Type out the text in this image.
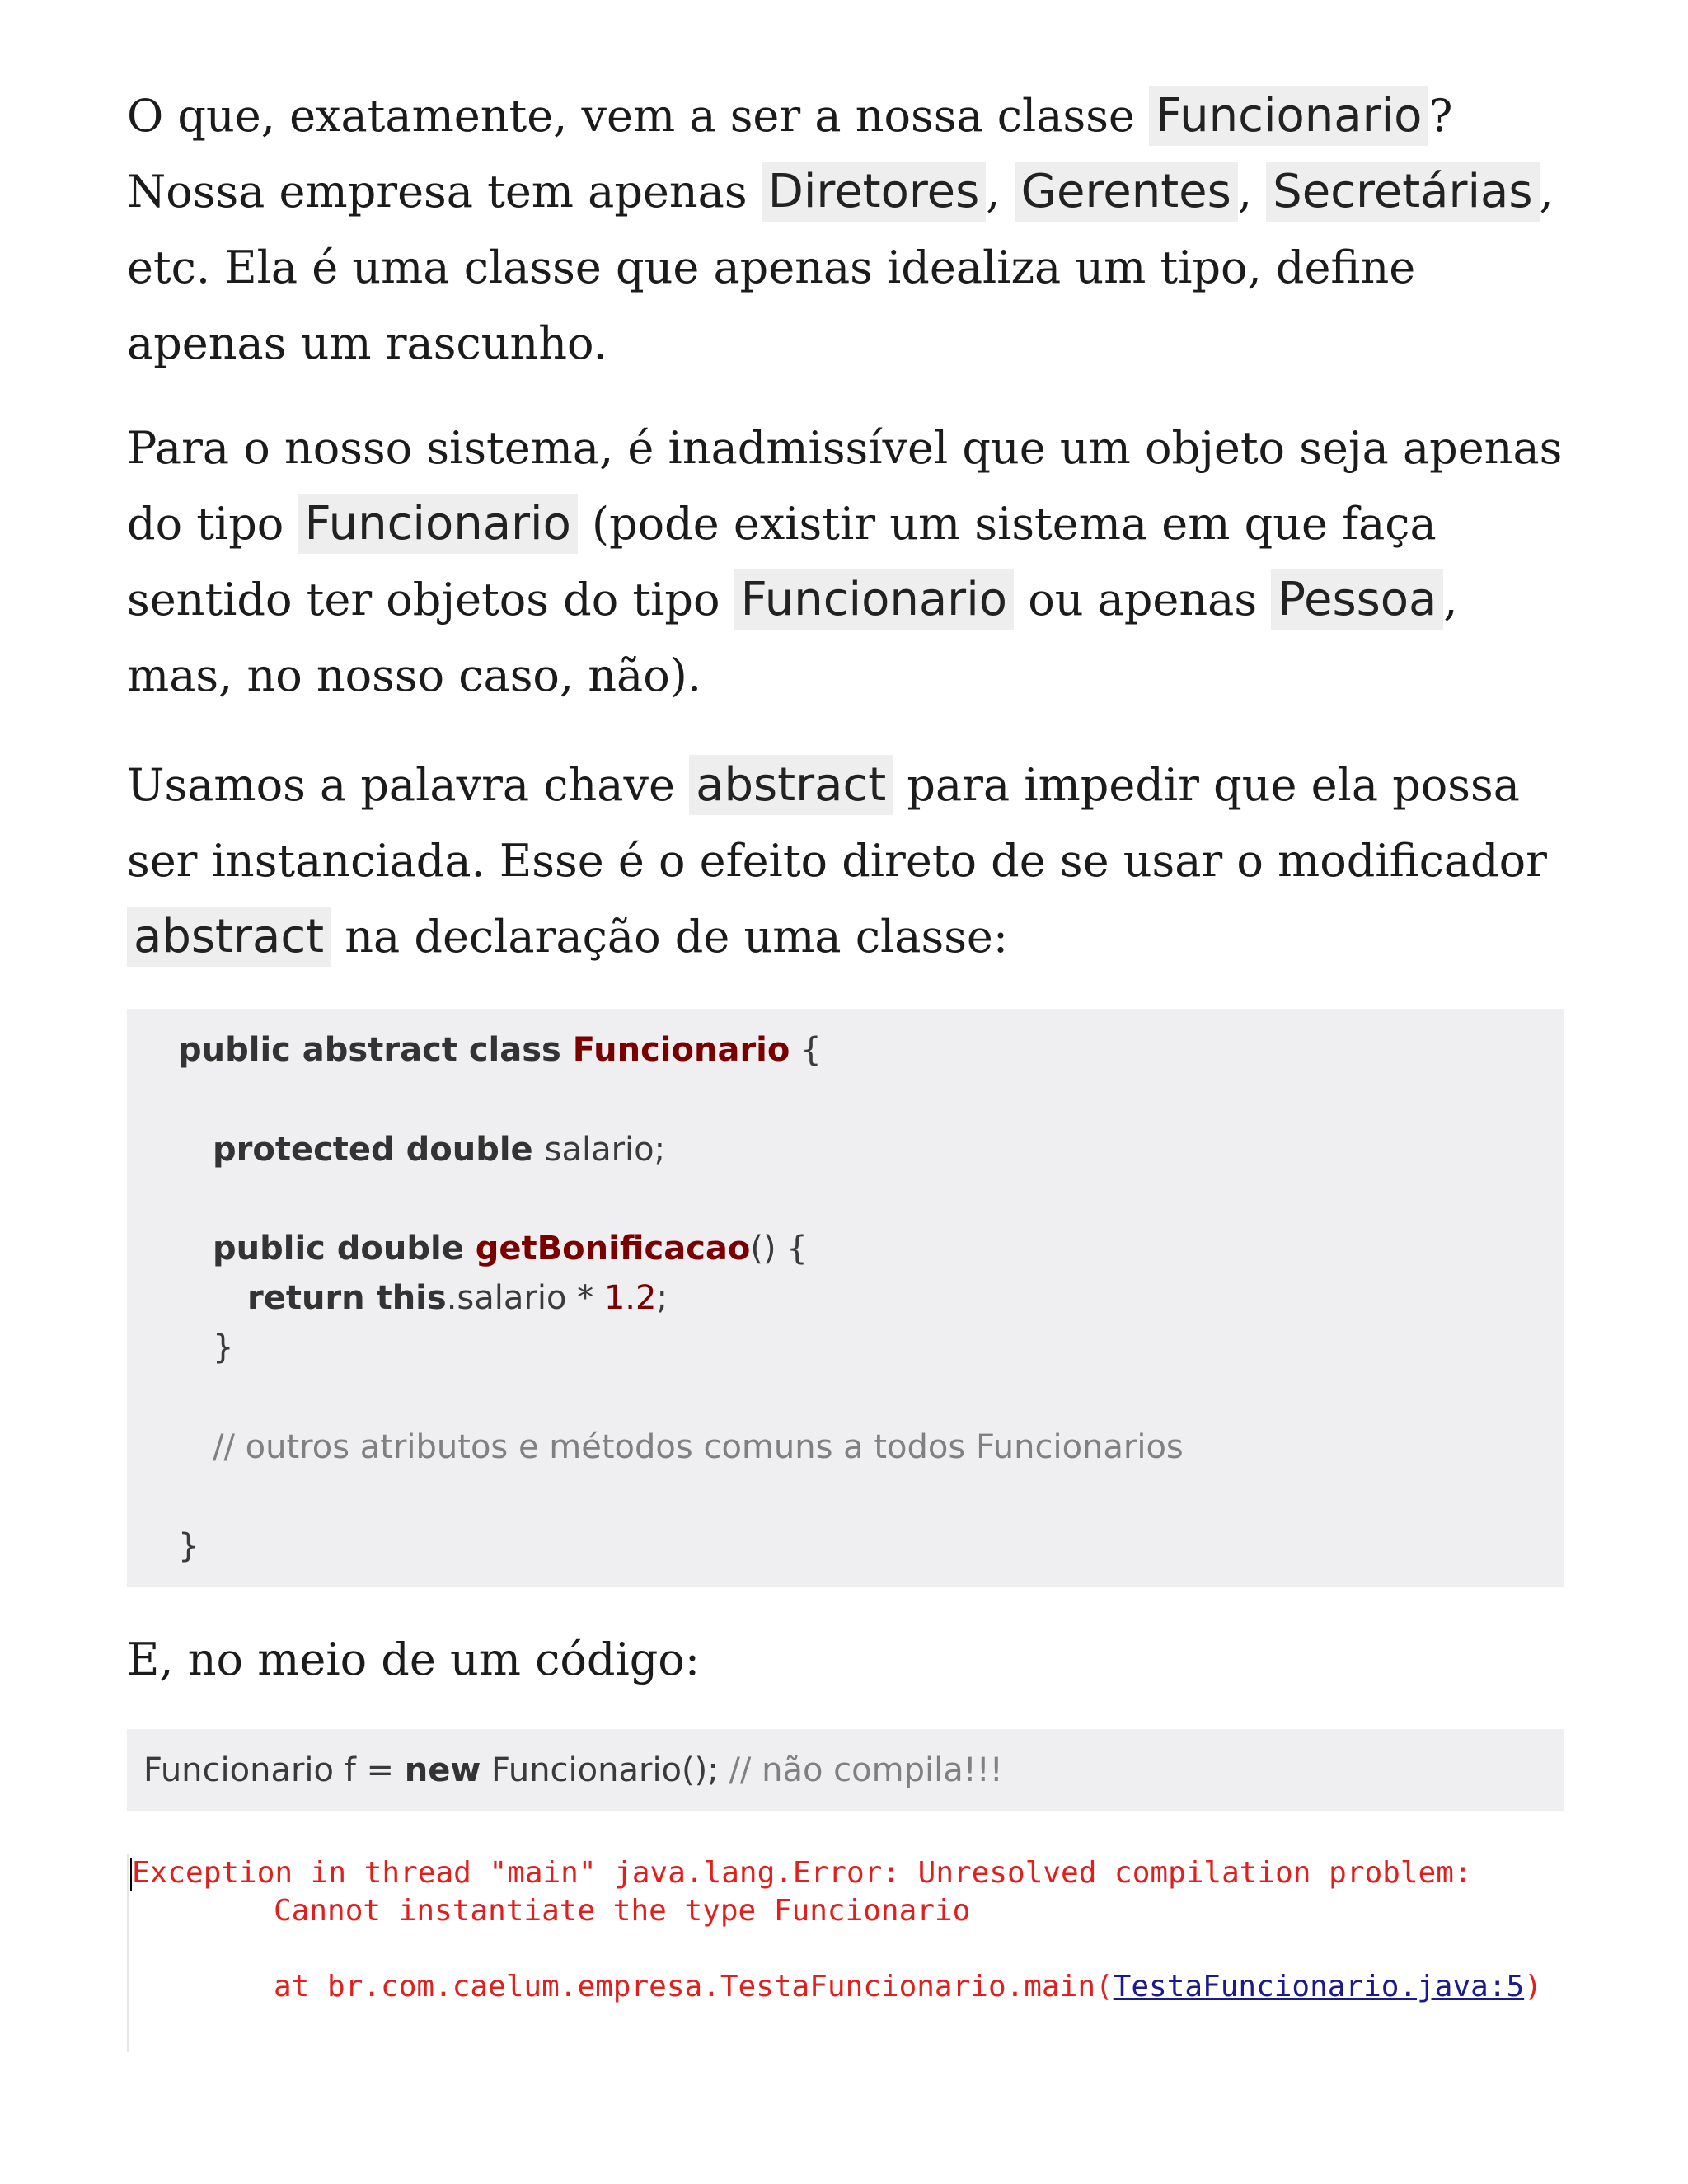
O que, exatamente, vem a ser a nossa classe Funcionario ? Nossa empresa tem apenas Diretores , Gerentes , Secretárias , etc. Ela é uma classe que apenas idealiza um tipo, define apenas um rascunho.

Para o nosso sistema, é inadmissível que um objeto seja apenas do tipo Funcionario (pode existir um sistema em que faça sentido ter objetos do tipo Funcionario ou apenas Pessoa , mas, no nosso caso, não).

Usamos a palavra chave abstract para impedir que ela possa ser instanciada. Esse é o efeito direto de se usar o modificador abstract na declaração de uma classe:

public abstract class Funcionario {
protected double salario;
public double getBonificacao() {
return this.salario * 1.2;
}
// outros atributos e métodos comuns a todos Funcionarios
}

E, no meio de um código:

Funcionario f = new Funcionario(); // não compila!!!
Exception in thread "main" java.lang.Error: Unresolved compilation problem:
Cannot instantiate the type Funcionario
at br.com.caelum.empresa.TestaFuncionario.main(TestaFuncionario.java:5)
